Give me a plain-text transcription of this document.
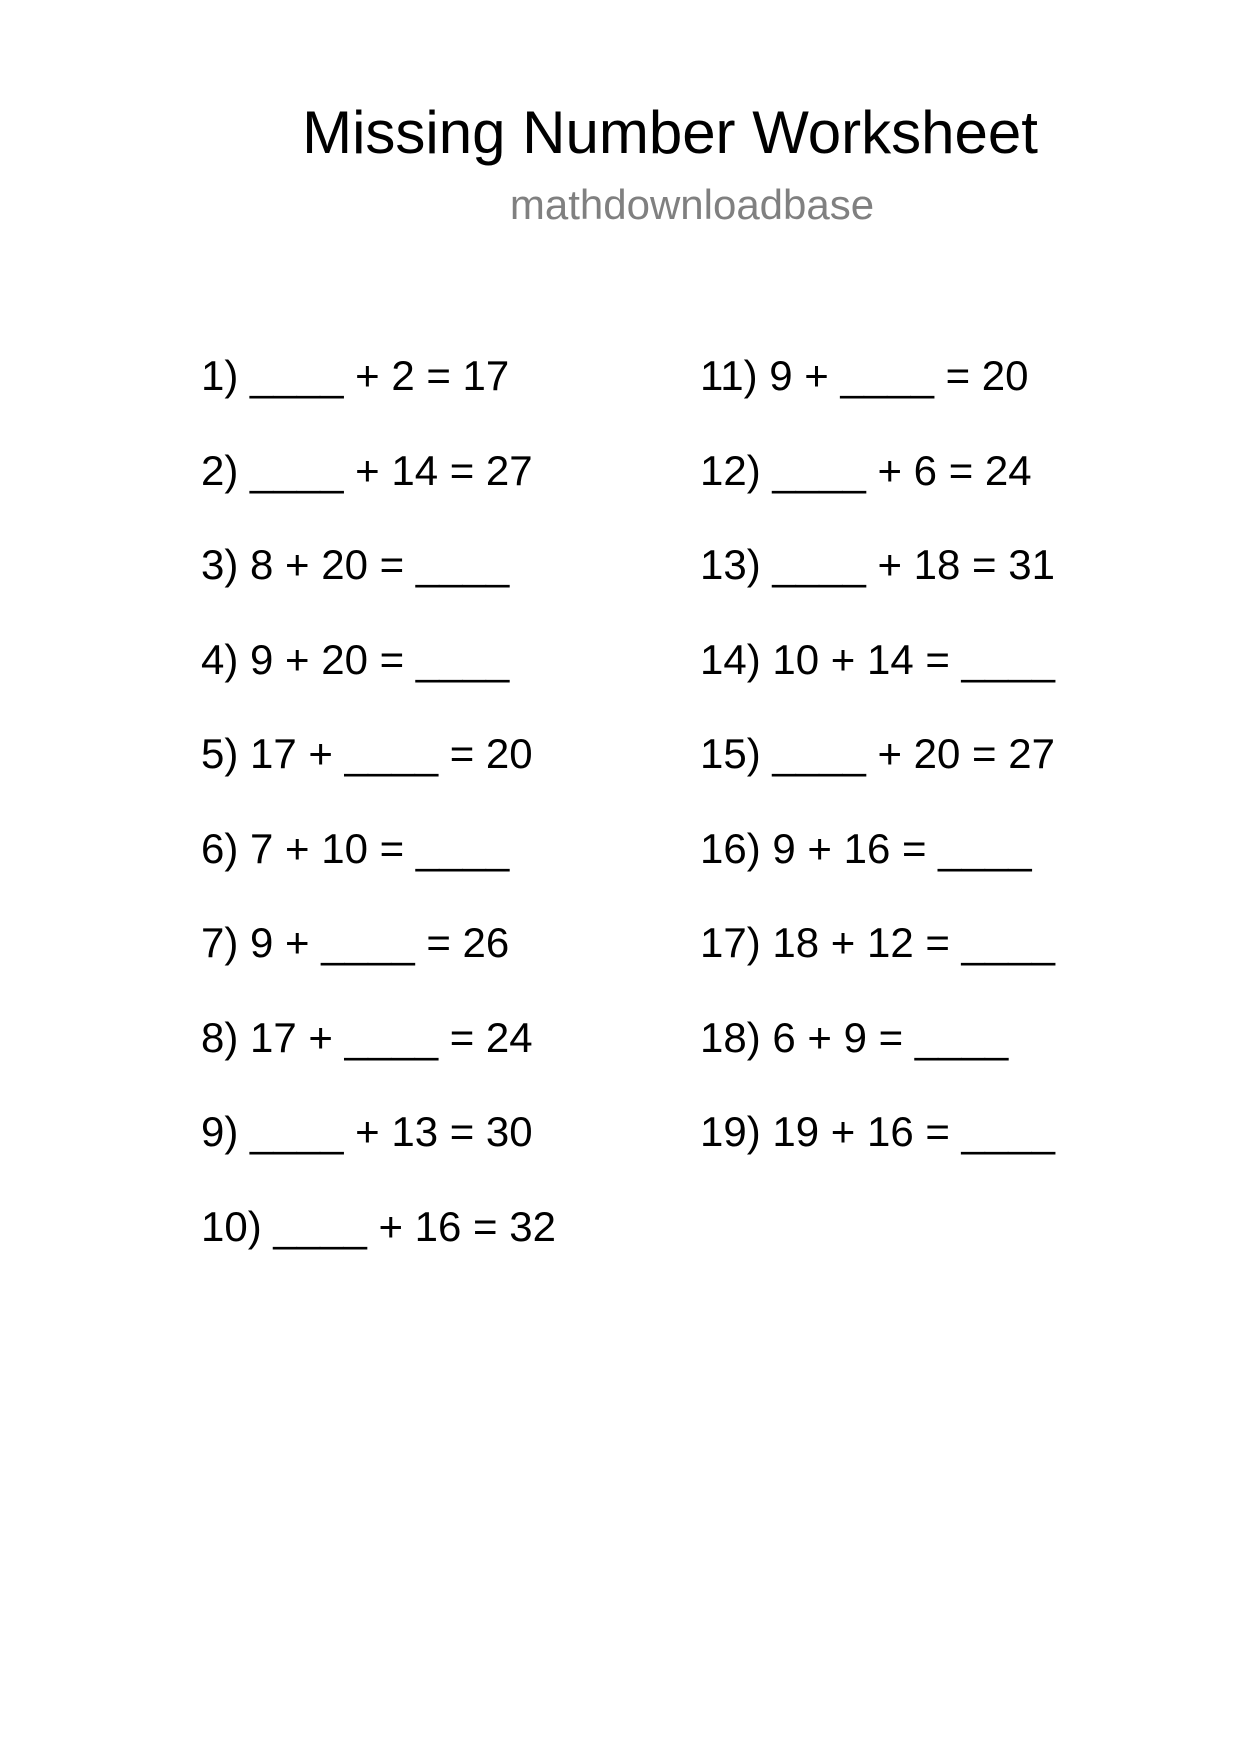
Missing Number Worksheet
mathdownloadbase
1) ____ + 2 = 17
2) ____ + 14 = 27
3) 8 + 20 = ____
4) 9 + 20 = ____
5) 17 + ____ = 20
6) 7 + 10 = ____
7) 9 + ____ = 26
8) 17 + ____ = 24
9) ____ + 13 = 30
10) ____ + 16 = 32
11) 9 + ____ = 20
12) ____ + 6 = 24
13) ____ + 18 = 31
14) 10 + 14 = ____
15) ____ + 20 = 27
16) 9 + 16 = ____
17) 18 + 12 = ____
18) 6 + 9 = ____
19) 19 + 16 = ____
